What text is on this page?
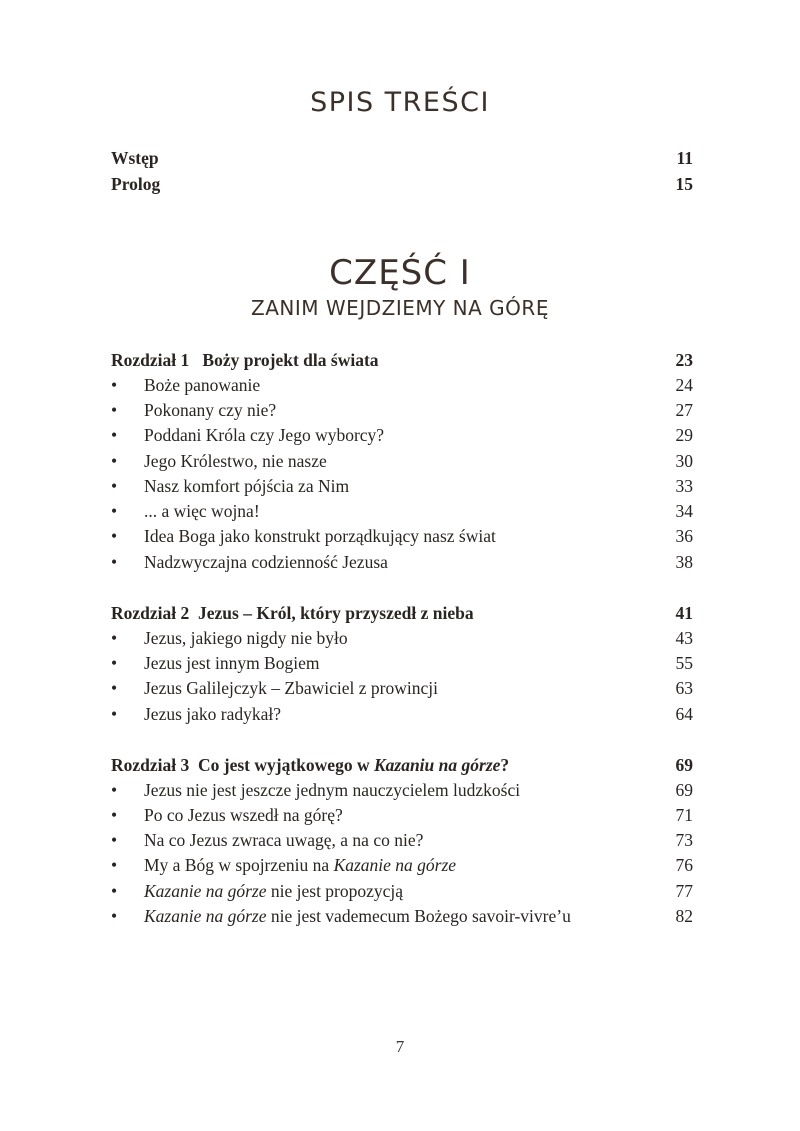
SPIS TREŚCI
Wstęp	11
Prolog	15
CZĘŚĆ I
ZANIM WEJDZIEMY NA GÓRĘ
Rozdział 1 Boży projekt dla świata	23
• Boże panowanie	24
• Pokonany czy nie?	27
• Poddani Króla czy Jego wyborcy?	29
• Jego Królestwo, nie nasze	30
• Nasz komfort pójścia za Nim	33
• ... a więc wojna!	34
• Idea Boga jako konstrukt porządkujący nasz świat	36
• Nadzwyczajna codzienność Jezusa	38
Rozdział 2 Jezus – Król, który przyszedł z nieba	41
• Jezus, jakiego nigdy nie było	43
• Jezus jest innym Bogiem	55
• Jezus Galilejczyk – Zbawiciel z prowincji	63
• Jezus jako radykał?	64
Rozdział 3 Co jest wyjątkowego w Kazaniu na górze?	69
• Jezus nie jest jeszcze jednym nauczycielem ludzkości	69
• Po co Jezus wszedł na górę?	71
• Na co Jezus zwraca uwagę, a na co nie?	73
• My a Bóg w spojrzeniu na Kazanie na górze	76
• Kazanie na górze nie jest propozycją	77
• Kazanie na górze nie jest vademecum Bożego savoir-vivre’u	82
7
